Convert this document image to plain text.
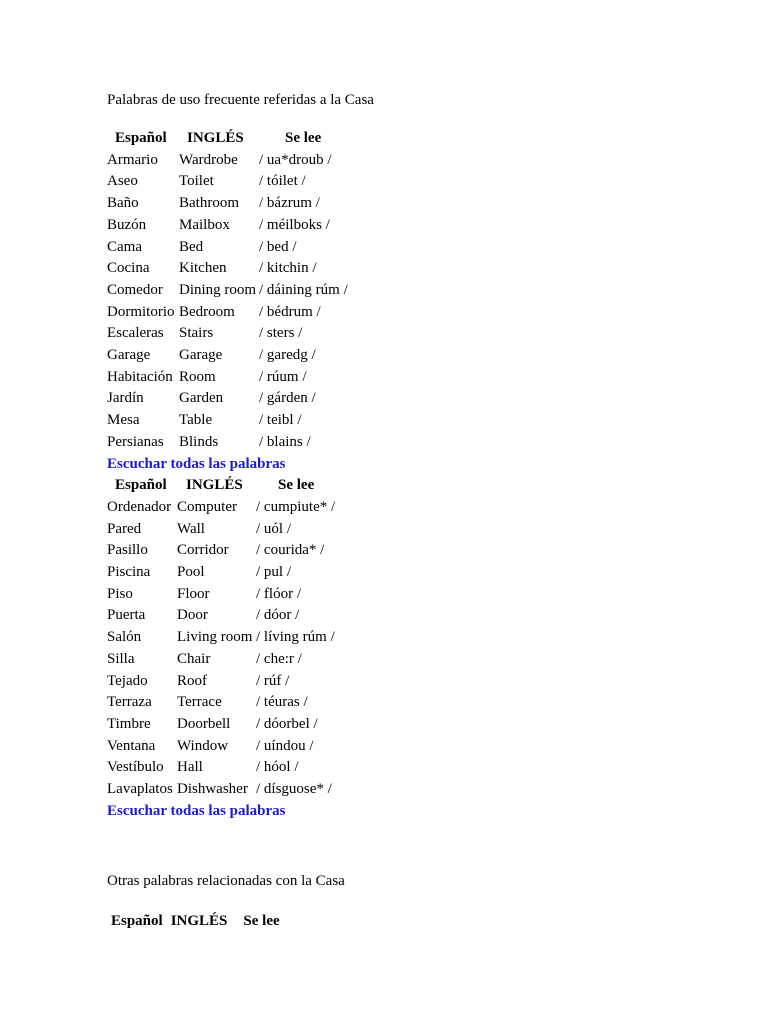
Palabras de uso frecuente referidas a la Casa

Español	INGLÉS	Se lee
Armario	Wardrobe	/ ua*droub /
Aseo	Toilet	/ tóilet /
Baño	Bathroom	/ bázrum /
Buzón	Mailbox	/ méilboks /
Cama	Bed	/ bed /
Cocina	Kitchen	/ kitchin /
Comedor	Dining room	/ dáining rúm /
Dormitorio	Bedroom	/ bédrum /
Escaleras	Stairs	/ sters /
Garage	Garage	/ garedg /
Habitación	Room	/ rúum /
Jardín	Garden	/ gárden /
Mesa	Table	/ teibl /
Persianas	Blinds	/ blains /
Escuchar todas las palabras
Español	INGLÉS	Se lee
Ordenador	Computer	/ cumpiute* /
Pared	Wall	/ uól /
Pasillo	Corridor	/ courida* /
Piscina	Pool	/ pul /
Piso	Floor	/ flóor /
Puerta	Door	/ dóor /
Salón	Living room	/ líving rúm /
Silla	Chair	/ che:r /
Tejado	Roof	/ rúf /
Terraza	Terrace	/ téuras /
Timbre	Doorbell	/ dóorbel /
Ventana	Window	/ uíndou /
Vestíbulo	Hall	/ hóol /
Lavaplatos	Dishwasher	/ dísguose* /
Escuchar todas las palabras

Otras palabras relacionadas con la Casa

Español	INGLÉS	Se lee
